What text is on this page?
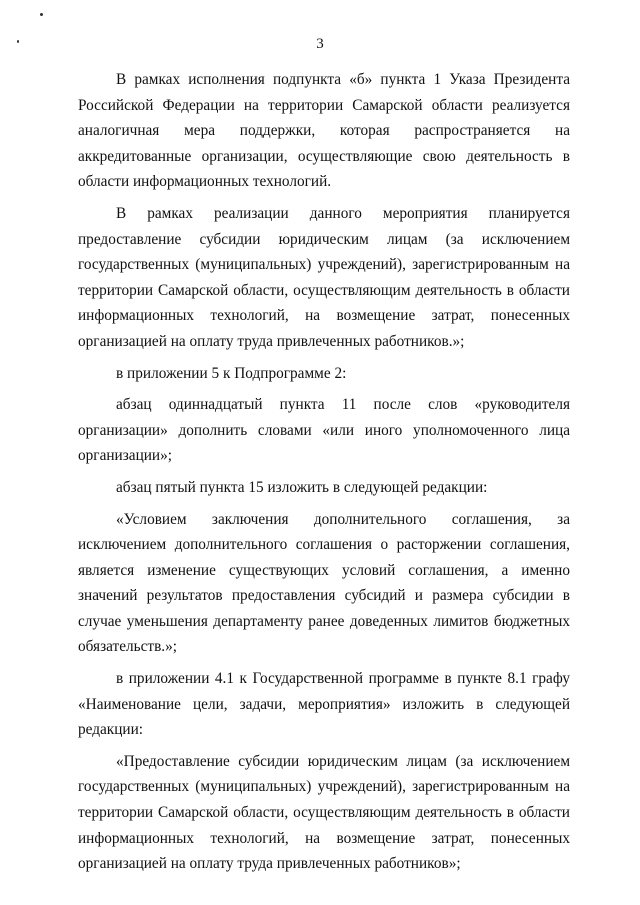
3

В рамках исполнения подпункта «б» пункта 1 Указа Президента Российской Федерации на территории Самарской области реализуется аналогичная мера поддержки, которая распространяется на аккредитованные организации, осуществляющие свою деятельность в области информационных технологий.

В рамках реализации данного мероприятия планируется предоставление субсидии юридическим лицам (за исключением государственных (муниципальных) учреждений), зарегистрированным на территории Самарской области, осуществляющим деятельность в области информационных технологий, на возмещение затрат, понесенных организацией на оплату труда привлеченных работников.»;

в приложении 5 к Подпрограмме 2:

абзац одиннадцатый пункта 11 после слов «руководителя организации» дополнить словами «или иного уполномоченного лица организации»;

абзац пятый пункта 15 изложить в следующей редакции:

«Условием заключения дополнительного соглашения, за исключением дополнительного соглашения о расторжении соглашения, является изменение существующих условий соглашения, а именно значений результатов предоставления субсидий и размера субсидии в случае уменьшения департаменту ранее доведенных лимитов бюджетных обязательств.»;

в приложении 4.1 к Государственной программе в пункте 8.1 графу «Наименование цели, задачи, мероприятия» изложить в следующей редакции:

«Предоставление субсидии юридическим лицам (за исключением государственных (муниципальных) учреждений), зарегистрированным на территории Самарской области, осуществляющим деятельность в области информационных технологий, на возмещение затрат, понесенных организацией на оплату труда привлеченных работников»;
